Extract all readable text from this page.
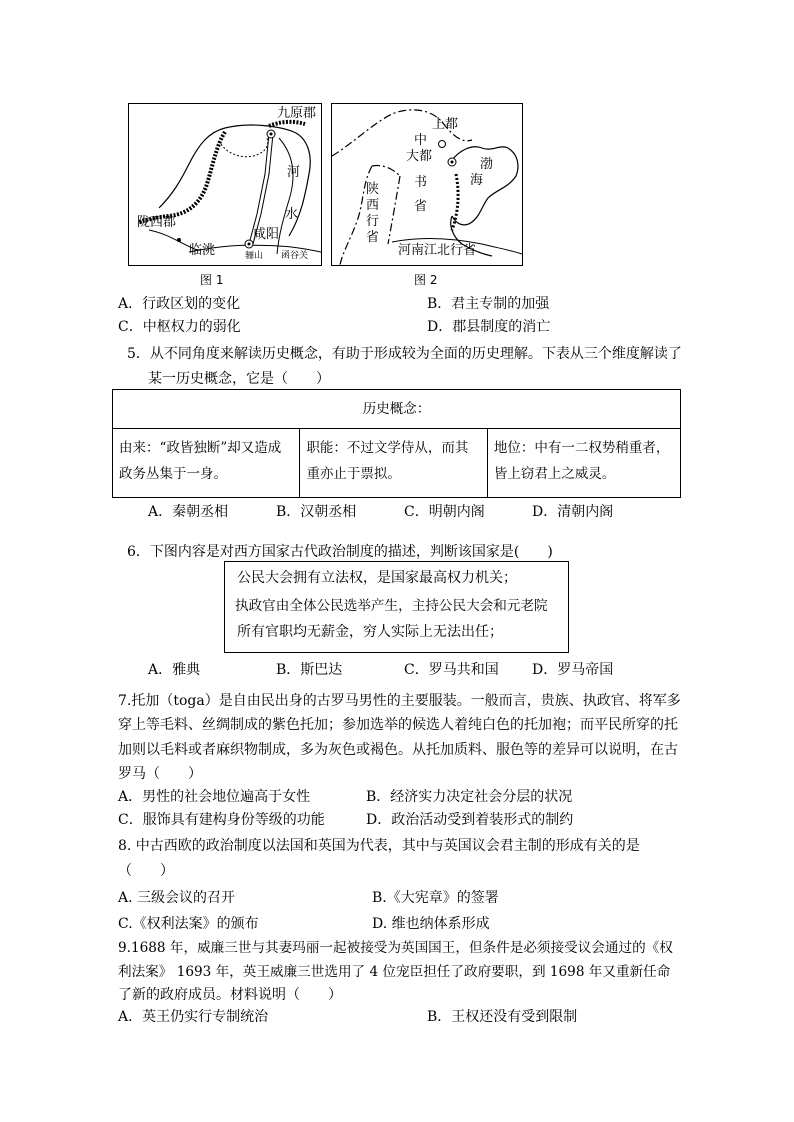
九原郡
河
水
陇西郡
临洮
咸阳
骊山 函谷关
图 1
上都
中
大都
书
省
渤
海
陕西行省
河南江北行省
图 2
A．行政区划的变化	B．君主专制的加强
C．中枢权力的弱化	D．郡县制度的消亡
5．从不同角度来解读历史概念，有助于形成较为全面的历史理解。下表从三个维度解读了
某一历史概念，它是（　　）
历史概念：
由来：“政皆独断”却又造成政务丛集于一身。	职能：不过文学侍从，而其重亦止于票拟。	地位：中有一二权势稍重者，皆上窃君上之威灵。
A．秦朝丞相	B．汉朝丞相	C．明朝内阁	D．清朝内阁
6．下图内容是对西方国家古代政治制度的描述，判断该国家是(　　)
公民大会拥有立法权，是国家最高权力机关；
执政官由全体公民选举产生，主持公民大会和元老院
所有官职均无薪金，穷人实际上无法出任；
A．雅典	B．斯巴达	C．罗马共和国 D．罗马帝国
7.托加（toga）是自由民出身的古罗马男性的主要服装。一般而言，贵族、执政官、将军多
穿上等毛料、丝绸制成的紫色托加；参加选举的候选人着纯白色的托加袍；而平民所穿的托
加则以毛料或者麻织物制成，多为灰色或褐色。从托加质料、服色等的差异可以说明，在古
罗马（　　）
A．男性的社会地位遍高于女性	B．经济实力决定社会分层的状况
C．服饰具有建构身份等级的功能	D．政治活动受到着装形式的制约
8. 中古西欧的政治制度以法国和英国为代表，其中与英国议会君主制的形成有关的是
（　　）
A. 三级会议的召开	B.《大宪章》的签署
C.《权利法案》的颁布	D. 维也纳体系形成
9.1688 年，威廉三世与其妻玛丽一起被接受为英国国王，但条件是必须接受议会通过的《权
利法案》 1693 年，英王威廉三世选用了 4 位宠臣担任了政府要职，到 1698 年又重新任命
了新的政府成员。材料说明（　　）
A．英王仍实行专制统治	B．王权还没有受到限制
